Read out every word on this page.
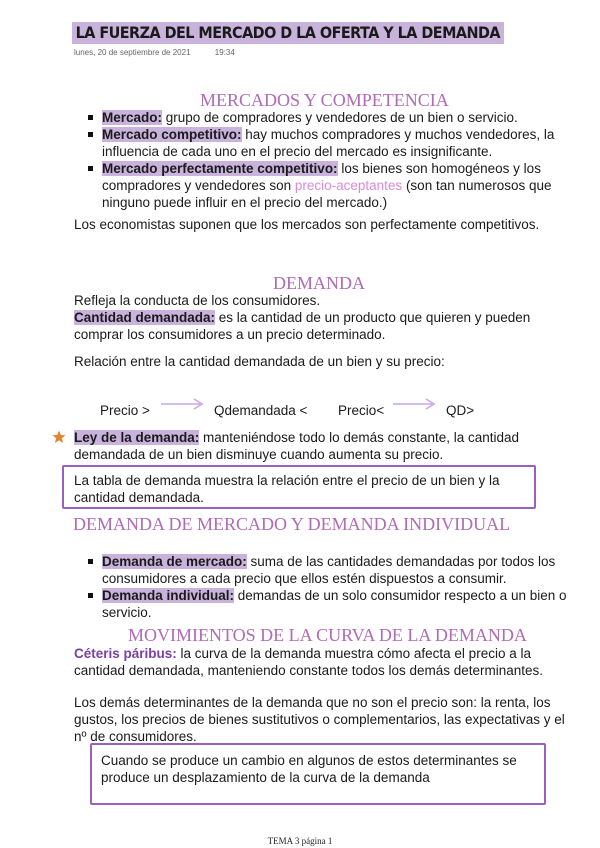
LA FUERZA DEL MERCADO D LA OFERTA Y LA DEMANDA
lunes, 20 de septiembre de 2021	19:34
MERCADOS Y COMPETENCIA
Mercado: grupo de compradores y vendedores de un bien o servicio.
Mercado competitivo: hay muchos compradores y muchos vendedores, la influencia de cada uno en el precio del mercado es insignificante.
Mercado perfectamente competitivo: los bienes son homogéneos y los compradores y vendedores son precio-aceptantes (son tan numerosos que ninguno puede influir en el precio del mercado.)
Los economistas suponen que los mercados son perfectamente competitivos.
DEMANDA
Refleja la conducta de los consumidores.
Cantidad demandada: es la cantidad de un producto que quieren y pueden comprar los consumidores a un precio determinado.
Relación entre la cantidad demandada de un bien y su precio:
Precio >	Qdemandada < Precio<	QD>
Ley de la demanda: manteniéndose todo lo demás constante, la cantidad demandada de un bien disminuye cuando aumenta su precio.
La tabla de demanda muestra la relación entre el precio de un bien y la cantidad demandada.
DEMANDA DE MERCADO Y DEMANDA INDIVIDUAL
Demanda de mercado: suma de las cantidades demandadas por todos los consumidores a cada precio que ellos estén dispuestos a consumir.
Demanda individual: demandas de un solo consumidor respecto a un bien o servicio.
MOVIMIENTOS DE LA CURVA DE LA DEMANDA
Céteris páribus: la curva de la demanda muestra cómo afecta el precio a la cantidad demandada, manteniendo constante todos los demás determinantes.
Los demás determinantes de la demanda que no son el precio son: la renta, los gustos, los precios de bienes sustitutivos o complementarios, las expectativas y el nº de consumidores.
Cuando se produce un cambio en algunos de estos determinantes se produce un desplazamiento de la curva de la demanda
TEMA 3 página 1
